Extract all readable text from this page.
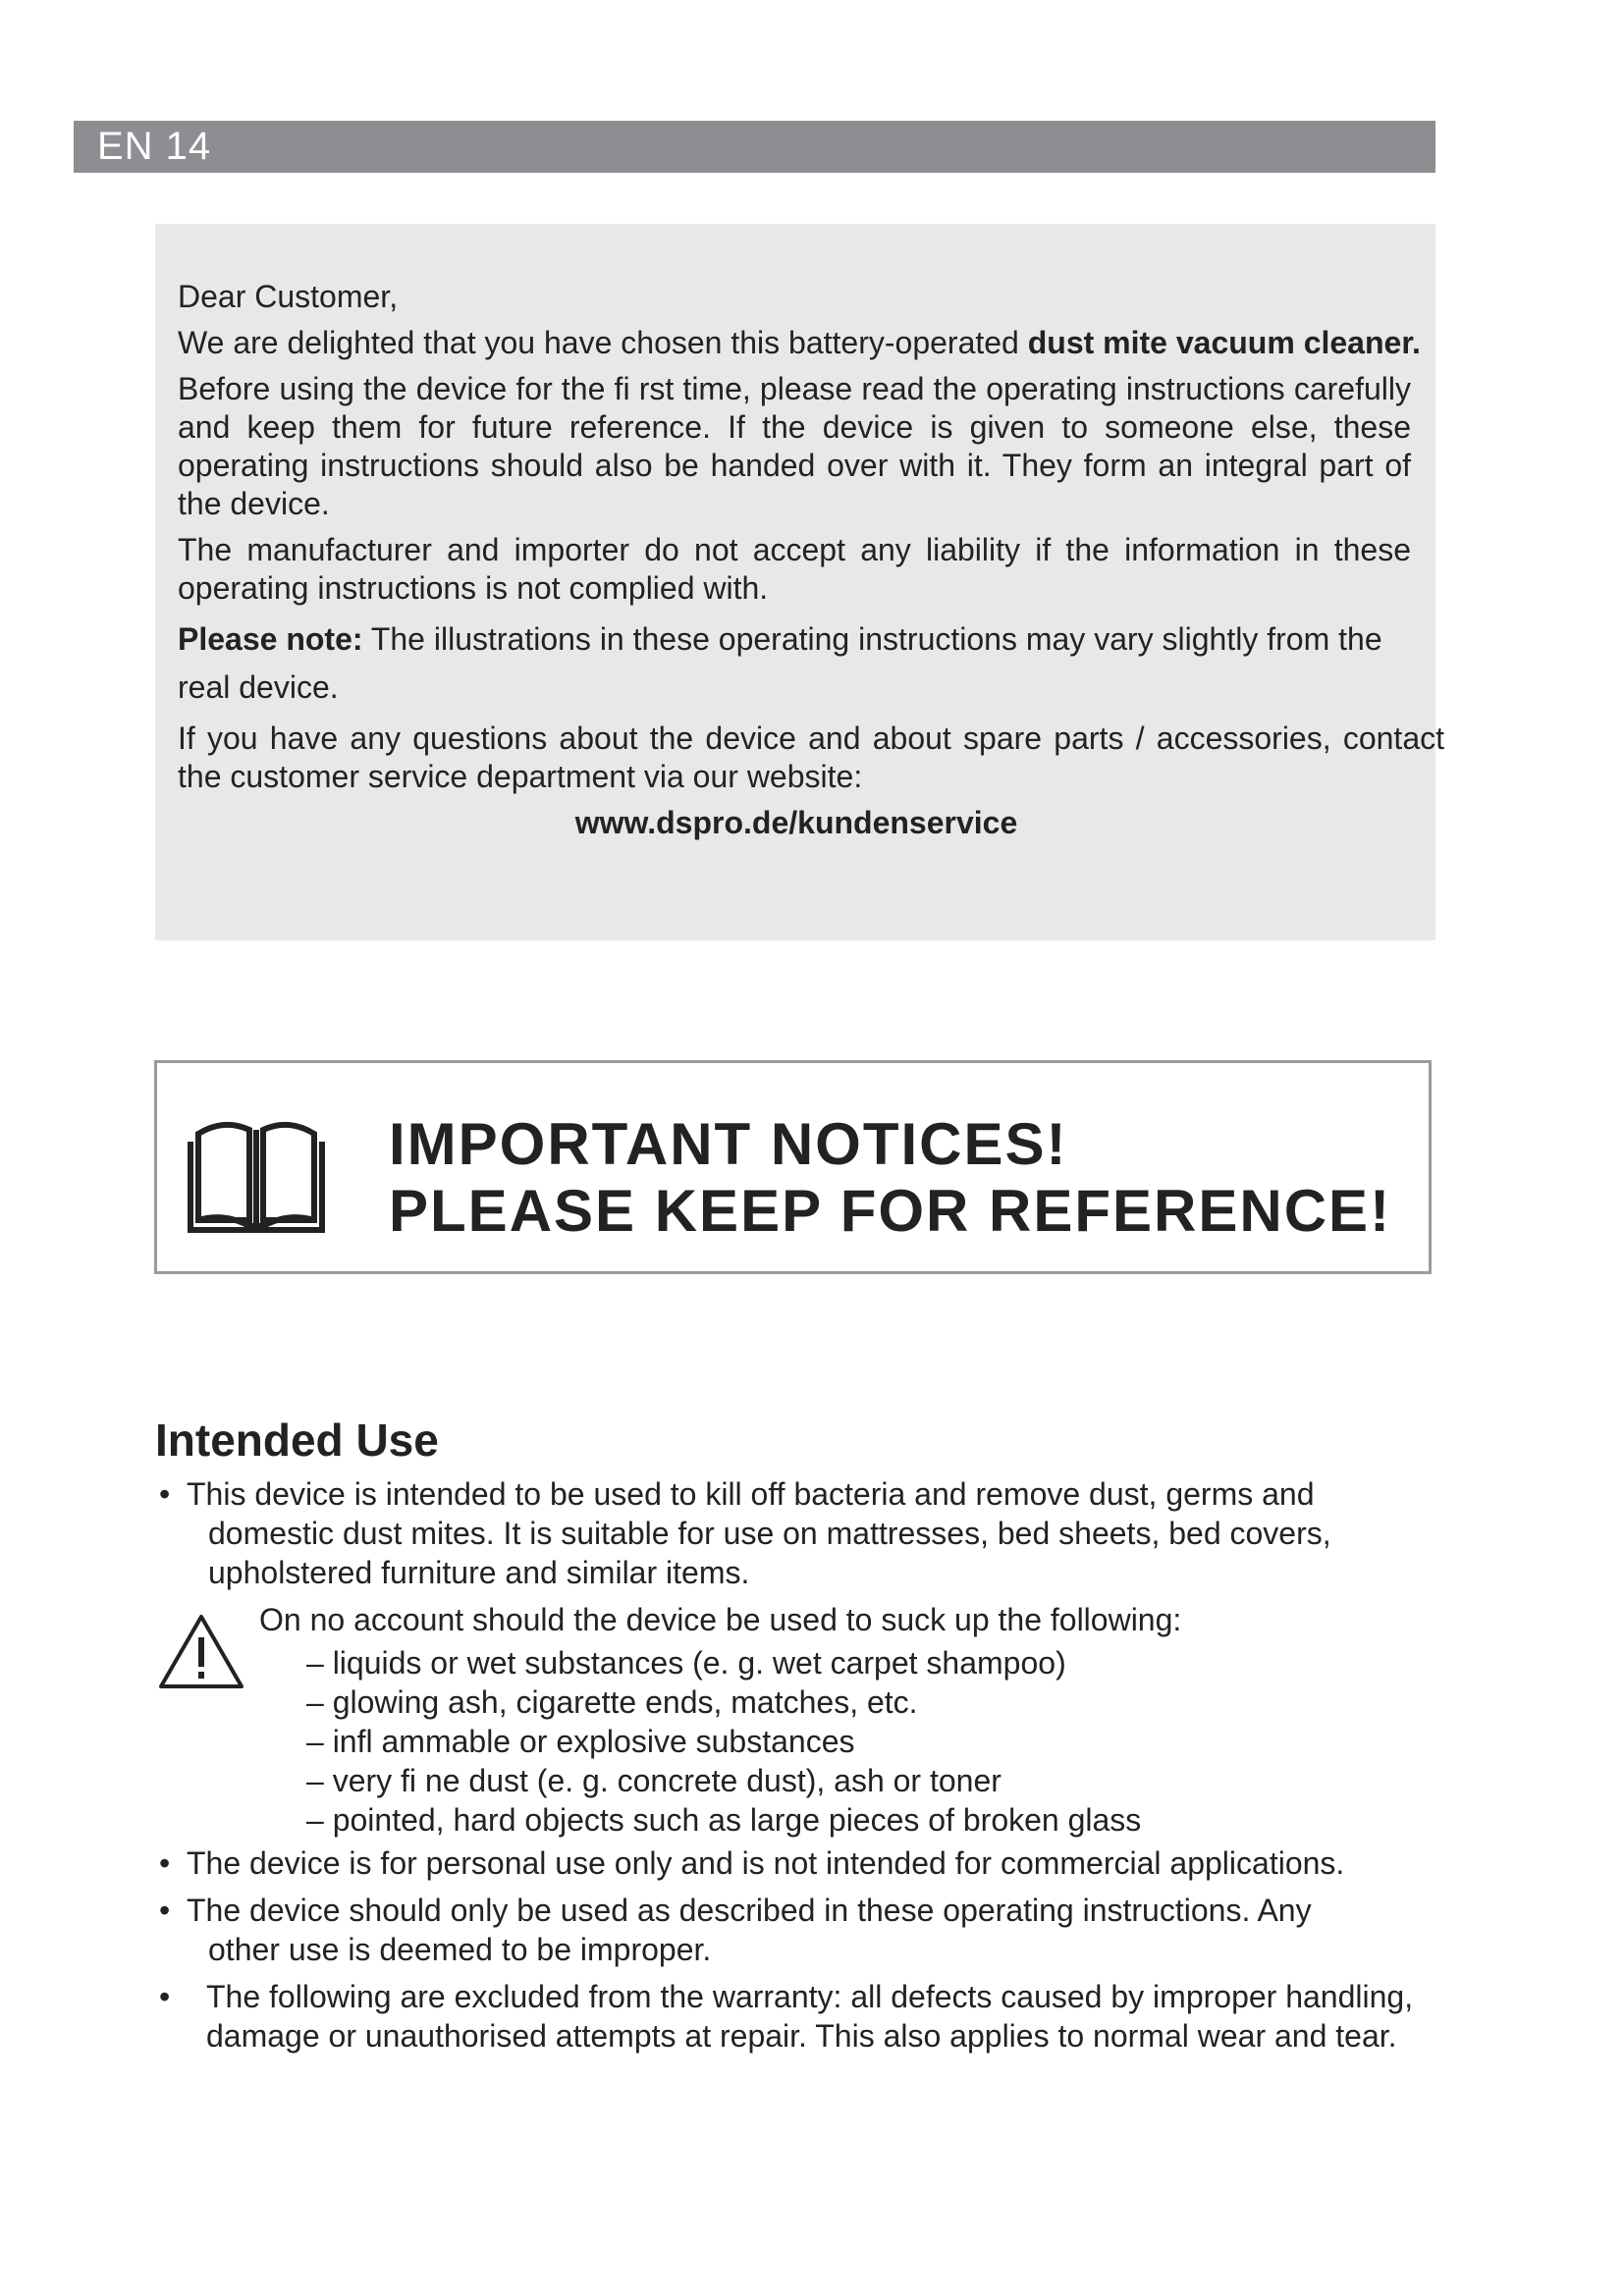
EN 14

Dear Customer,

We are delighted that you have chosen this battery-operated dust mite vacuum cleaner.

Before using the device for the fi rst time, please read the operating instructions carefully and keep them for future reference. If the device is given to someone else, these operating instructions should also be handed over with it. They form an integral part of the device.

The manufacturer and importer do not accept any liability if the information in these operating instructions is not complied with.

Please note: The illustrations in these operating instructions may vary slightly from the real device.

If you have any questions about the device and about spare parts / accessories, contact the customer service department via our website:

www.dspro.de/kundenservice

IMPORTANT NOTICES!
PLEASE KEEP FOR REFERENCE!
Intended Use
• This device is intended to be used to kill off bacteria and remove dust, germs and
domestic dust mites. It is suitable for use on mattresses, bed sheets, bed covers, upholstered furniture and similar items.
On no account should the device be used to suck up the following:
– liquids or wet substances (e. g. wet carpet shampoo)
– glowing ash, cigarette ends, matches, etc.
– infl ammable or explosive substances
– very fi ne dust (e. g. concrete dust), ash or toner
– pointed, hard objects such as large pieces of broken glass
• The device is for personal use only and is not intended for commercial applications.
• The device should only be used as described in these operating instructions. Any
other use is deemed to be improper.
•	The following are excluded from the warranty: all defects caused by improper handling,
damage or unauthorised attempts at repair. This also applies to normal wear and tear.
